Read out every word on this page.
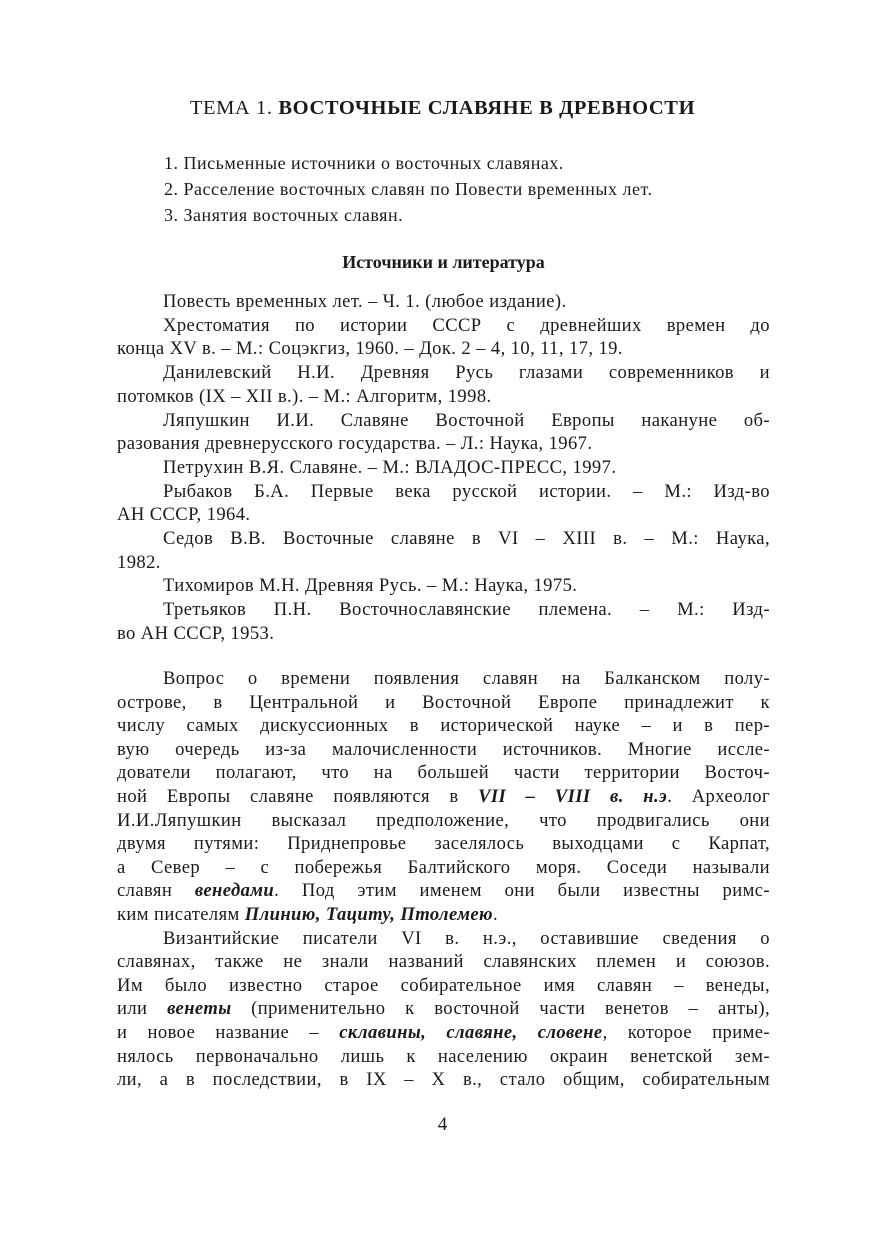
ТЕМА 1. ВОСТОЧНЫЕ СЛАВЯНЕ В ДРЕВНОСТИ
1. Письменные источники о восточных славянах.
2. Расселение восточных славян по Повести временных лет.
3. Занятия восточных славян.
Источники и литература

Повесть временных лет. – Ч. 1. (любое издание).

Хрестоматия по истории СССР с древнейших времен до

конца XV в. – М.: Соцэкгиз, 1960. – Док. 2 – 4, 10, 11, 17, 19.

Данилевский Н.И. Древняя Русь глазами современников и

потомков (IX – XII в.). – М.: Алгоритм, 1998.

Ляпушкин И.И. Славяне Восточной Европы накануне об-

разования древнерусского государства. – Л.: Наука, 1967.

Петрухин В.Я. Славяне. – М.: ВЛАДОС-ПРЕСС, 1997.

Рыбаков Б.А. Первые века русской истории. – М.: Изд-во

АН СССР, 1964.

Седов В.В. Восточные славяне в VI – XIII в. – М.: Наука,

1982.

Тихомиров М.Н. Древняя Русь. – М.: Наука, 1975.

Третьяков П.Н. Восточнославянские племена. – М.: Изд-

во АН СССР, 1953.

Вопрос о времени появления славян на Балканском полу-

острове, в Центральной и Восточной Европе принадлежит к

числу самых дискуссионных в исторической науке – и в пер-

вую очередь из-за малочисленности источников. Многие иссле-

дователи полагают, что на большей части территории Восточ-

ной Европы славяне появляются в VII – VIII в. н.э. Археолог

И.И.Ляпушкин высказал предположение, что продвигались они

двумя путями: Приднепровье заселялось выходцами с Карпат,

а Север – с побережья Балтийского моря. Соседи называли

славян венедами. Под этим именем они были известны римс-

ким писателям Плинию, Тациту, Птолемею.

Византийские писатели VI в. н.э., оставившие сведения о

славянах, также не знали названий славянских племен и союзов.

Им было известно старое собирательное имя славян – венеды,

или венеты (применительно к восточной части венетов – анты),

и новое название – склавины, славяне, словене, которое приме-

нялось первоначально лишь к населению окраин венетской зем-

ли, а в последствии, в IX – X в., стало общим, собирательным

4
